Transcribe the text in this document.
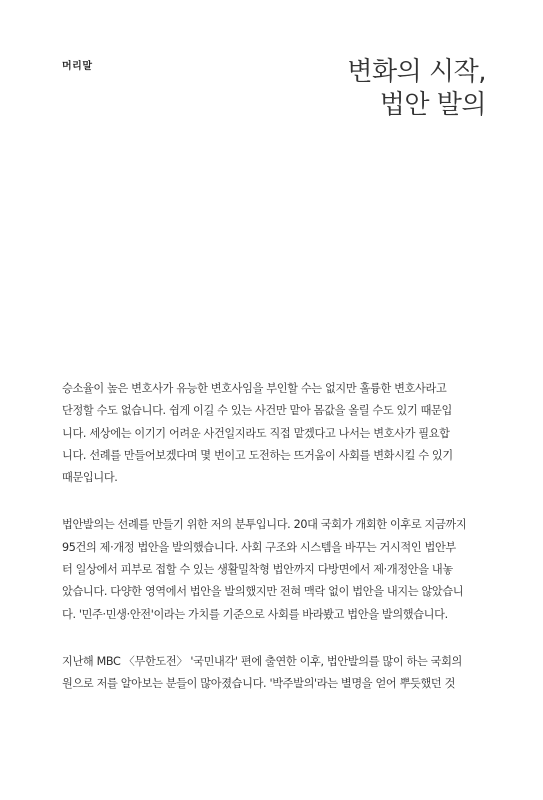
머리말	변화의 시작,
법안 발의
승소율이 높은 변호사가 유능한 변호사임을 부인할 수는 없지만 훌륭한 변호사라고
단정할 수도 없습니다. 쉽게 이길 수 있는 사건만 맡아 몸값을 올릴 수도 있기 때문입
니다. 세상에는 이기기 어려운 사건일지라도 직접 맡겠다고 나서는 변호사가 필요합
니다. 선례를 만들어보겠다며 몇 번이고 도전하는 뜨거움이 사회를 변화시킬 수 있기
때문입니다.
법안발의는 선례를 만들기 위한 저의 분투입니다. 20대 국회가 개회한 이후로 지금까지
95건의 제·개정 법안을 발의했습니다. 사회 구조와 시스템을 바꾸는 거시적인 법안부
터 일상에서 피부로 접할 수 있는 생활밀착형 법안까지 다방면에서 제·개정안을 내놓
았습니다. 다양한 영역에서 법안을 발의했지만 전혀 맥락 없이 법안을 내지는 않았습니
다. '민주·민생·안전'이라는 가치를 기준으로 사회를 바라봤고 법안을 발의했습니다.
지난해 MBC 〈무한도전〉 '국민내각' 편에 출연한 이후, 법안발의를 많이 하는 국회의
원으로 저를 알아보는 분들이 많아졌습니다. '박주발의'라는 별명을 얻어 뿌듯했던 것
